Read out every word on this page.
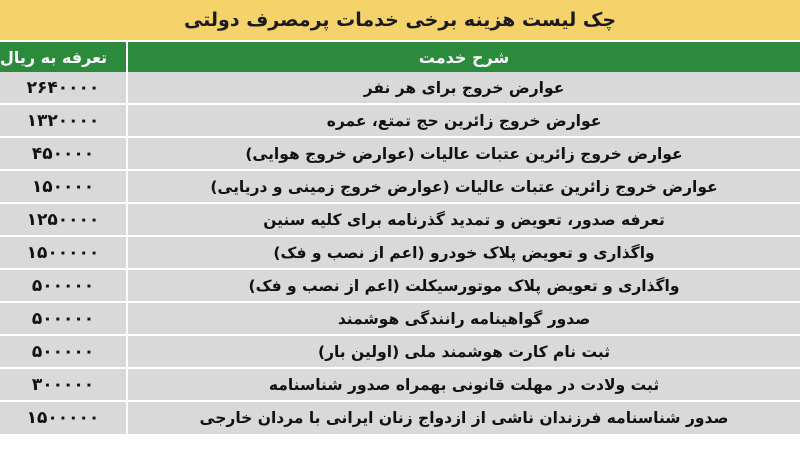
چک لیست هزینه برخی خدمات پرمصرف دولتی
تعرفه به ریال	شرح خدمت
۲۶۴۰۰۰۰	عوارض خروج برای هر نفر
۱۳۲۰۰۰۰	عوارض خروج زائرین حج تمتع، عمره
۴۵۰۰۰۰	عوارض خروج زائرین عتبات عالیات (عوارض خروج هوایی)
۱۵۰۰۰۰	عوارض خروج زائرین عتبات عالیات (عوارض خروج زمینی و دریایی)
۱۲۵۰۰۰۰	تعرفه صدور، تعویض و تمدید گذرنامه برای کلیه سنین
۱۵۰۰۰۰۰	واگذاری و تعویض پلاک خودرو (اعم از نصب و فک)
۵۰۰۰۰۰	واگذاری و تعویض پلاک موتورسیکلت (اعم از نصب و فک)
۵۰۰۰۰۰	صدور گواهینامه رانندگی هوشمند
۵۰۰۰۰۰	ثبت نام کارت هوشمند ملی (اولین بار)
۳۰۰۰۰۰	ثبت ولادت در مهلت قانونی بهمراه صدور شناسنامه
۱۵۰۰۰۰۰	صدور شناسنامه فرزندان ناشی از ازدواج زنان ایرانی با مردان خارجی
